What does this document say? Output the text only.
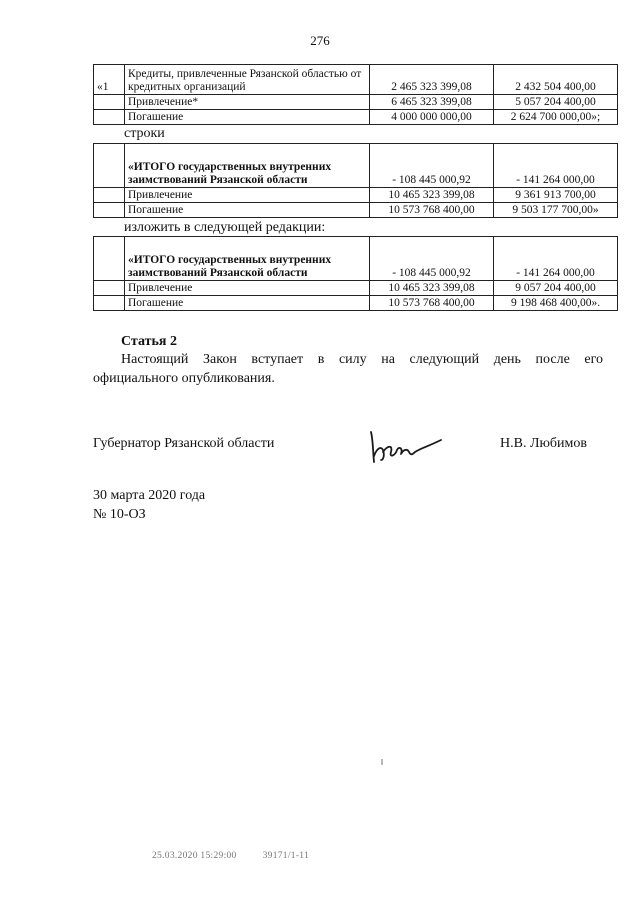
276
«1	Кредиты, привлеченные Рязанской областью от кредитных организаций	2 465 323 399,08	2 432 504 400,00
	Привлечение*	6 465 323 399,08	5 057 204 400,00
	Погашение	4 000 000 000,00	2 624 700 000,00»;
строки
	«ИТОГО государственных внутренних заимствований Рязанской области	- 108 445 000,92	- 141 264 000,00
	Привлечение	10 465 323 399,08	9 361 913 700,00
	Погашение	10 573 768 400,00	9 503 177 700,00»
изложить в следующей редакции:
	«ИТОГО государственных внутренних заимствований Рязанской области	- 108 445 000,92	- 141 264 000,00
	Привлечение	10 465 323 399,08	9 057 204 400,00
	Погашение	10 573 768 400,00	9 198 468 400,00».
Статья 2
Настоящий Закон вступает в силу на следующий день после его
официального опубликования.
Губернатор Рязанской области	Н.В. Любимов
30 марта 2020 года
№ 10-ОЗ
25.03.2020 15:29:00	39171/1-11
